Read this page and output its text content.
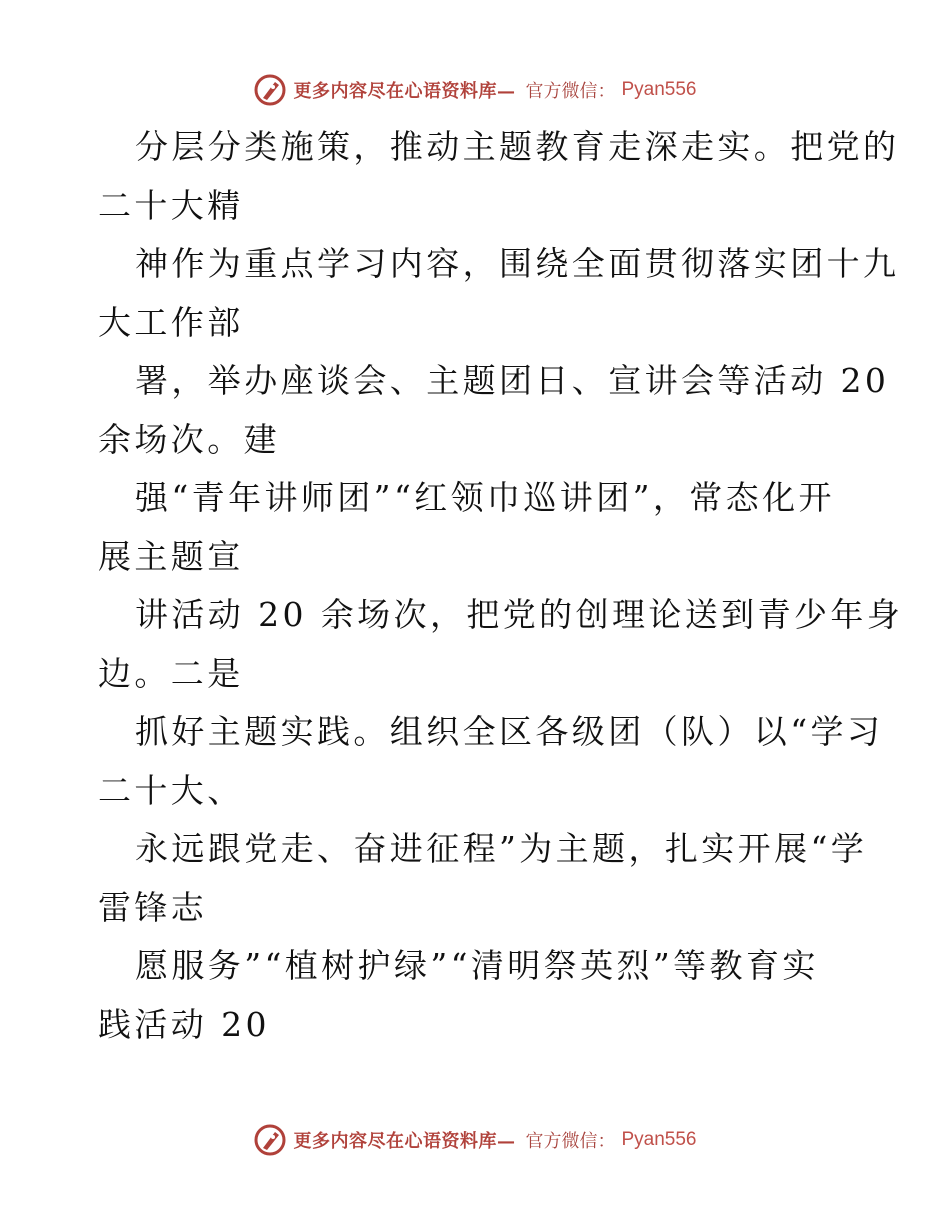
更多内容尽在心语资料库— 官方微信： Pyan556
分层分类施策，推动主题教育走深走实。把党的
二十大精
神作为重点学习内容，围绕全面贯彻落实团十九
大工作部
署，举办座谈会、主题团日、宣讲会等活动 20
余场次。建
强“青年讲师团”“红领巾巡讲团”，常态化开
展主题宣
讲活动 20 余场次，把党的创理论送到青少年身
边。二是
抓好主题实践。组织全区各级团（队）以“学习
二十大、
永远跟党走、奋进征程”为主题，扎实开展“学
雷锋志
愿服务”“植树护绿”“清明祭英烈”等教育实
践活动 20
更多内容尽在心语资料库— 官方微信： Pyan556
